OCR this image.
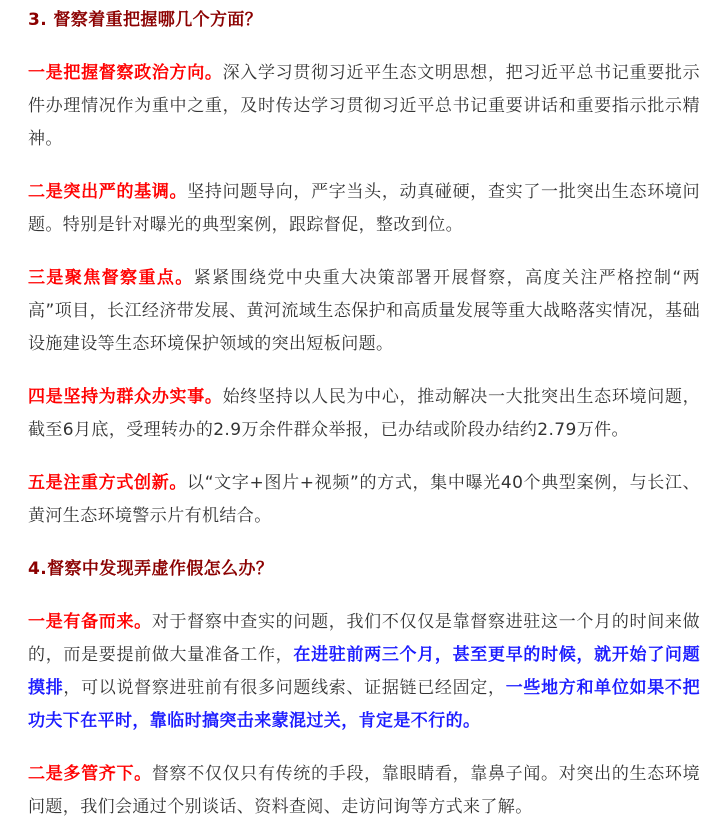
3. 督察着重把握哪几个方面？

一是把握督察政治方向。深入学习贯彻习近平生态文明思想，把习近平总书记重要批示件办理情况作为重中之重，及时传达学习贯彻习近平总书记重要讲话和重要指示批示精神。

二是突出严的基调。坚持问题导向，严字当头，动真碰硬，查实了一批突出生态环境问题。特别是针对曝光的典型案例，跟踪督促，整改到位。

三是聚焦督察重点。紧紧围绕党中央重大决策部署开展督察，高度关注严格控制“两高”项目，长江经济带发展、黄河流域生态保护和高质量发展等重大战略落实情况，基础设施建设等生态环境保护领域的突出短板问题。

四是坚持为群众办实事。始终坚持以人民为中心，推动解决一大批突出生态环境问题，截至6月底，受理转办的2.9万余件群众举报，已办结或阶段办结约2.79万件。

五是注重方式创新。以“文字+图片+视频”的方式，集中曝光40个典型案例，与长江、黄河生态环境警示片有机结合。

4.督察中发现弄虚作假怎么办？

一是有备而来。对于督察中查实的问题，我们不仅仅是靠督察进驻这一个月的时间来做的，而是要提前做大量准备工作，在进驻前两三个月，甚至更早的时候，就开始了问题摸排，可以说督察进驻前有很多问题线索、证据链已经固定，一些地方和单位如果不把功夫下在平时，靠临时搞突击来蒙混过关，肯定是不行的。

二是多管齐下。督察不仅仅只有传统的手段，靠眼睛看，靠鼻子闻。对突出的生态环境问题，我们会通过个别谈话、资料查阅、走访问询等方式来了解。
